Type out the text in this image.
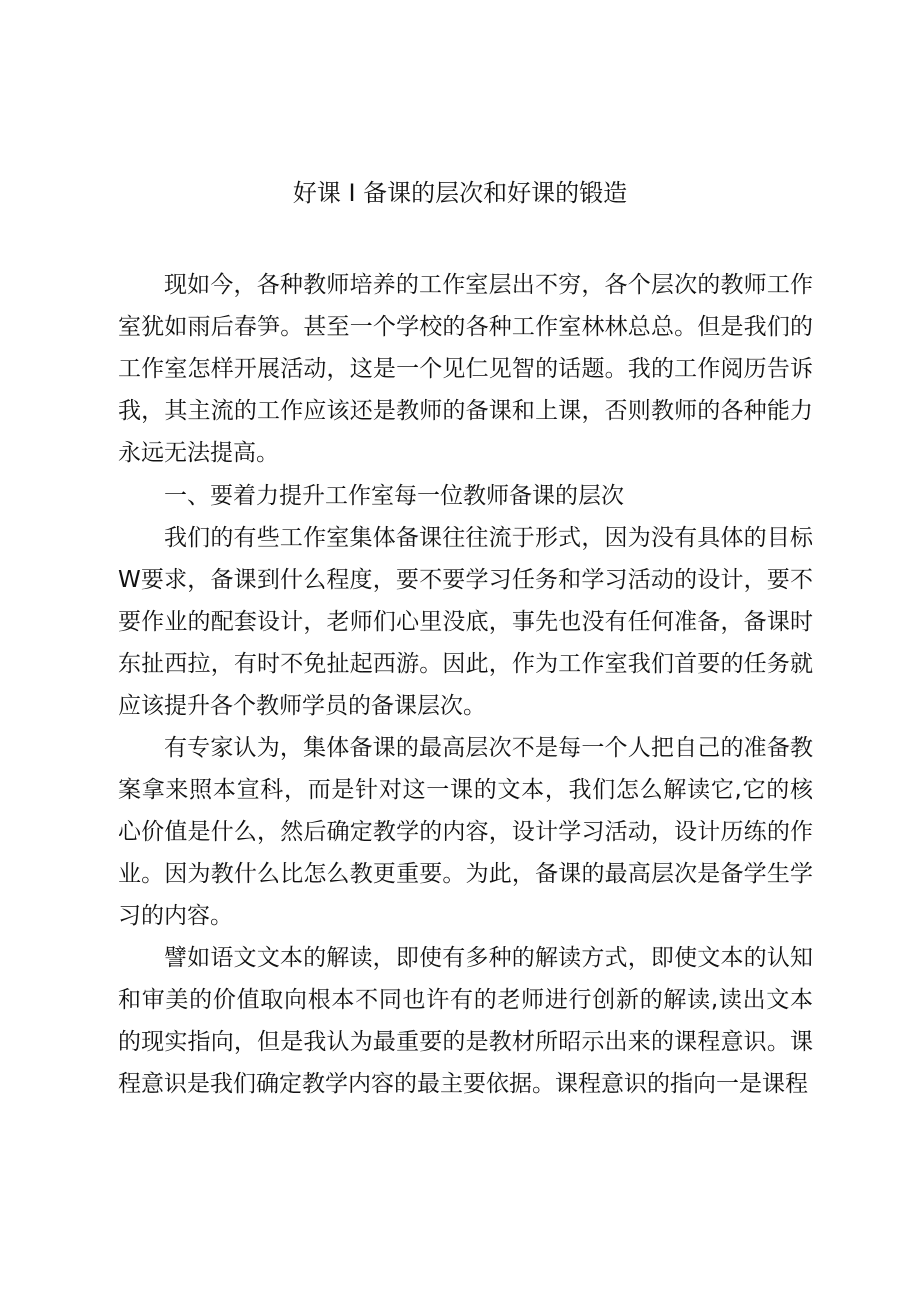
好课 I 备课的层次和好课的锻造

现如今，各种教师培养的工作室层出不穷，各个层次的教师工作室犹如雨后春笋。甚至一个学校的各种工作室林林总总。但是我们的工作室怎样开展活动，这是一个见仁见智的话题。我的工作阅历告诉我，其主流的工作应该还是教师的备课和上课，否则教师的各种能力永远无法提高。

一、要着力提升工作室每一位教师备课的层次

我们的有些工作室集体备课往往流于形式，因为没有具体的目标W要求，备课到什么程度，要不要学习任务和学习活动的设计，要不要作业的配套设计，老师们心里没底，事先也没有任何准备，备课时东扯西拉，有时不免扯起西游。因此，作为工作室我们首要的任务就应该提升各个教师学员的备课层次。

有专家认为，集体备课的最高层次不是每一个人把自己的准备教案拿来照本宣科，而是针对这一课的文本，我们怎么解读它,它的核心价值是什么，然后确定教学的内容，设计学习活动，设计历练的作业。因为教什么比怎么教更重要。为此，备课的最高层次是备学生学习的内容。

譬如语文文本的解读，即使有多种的解读方式，即使文本的认知和审美的价值取向根本不同也许有的老师进行创新的解读,读出文本的现实指向，但是我认为最重要的是教材所昭示出来的课程意识。课程意识是我们确定教学内容的最主要依据。课程意识的指向一是课程
